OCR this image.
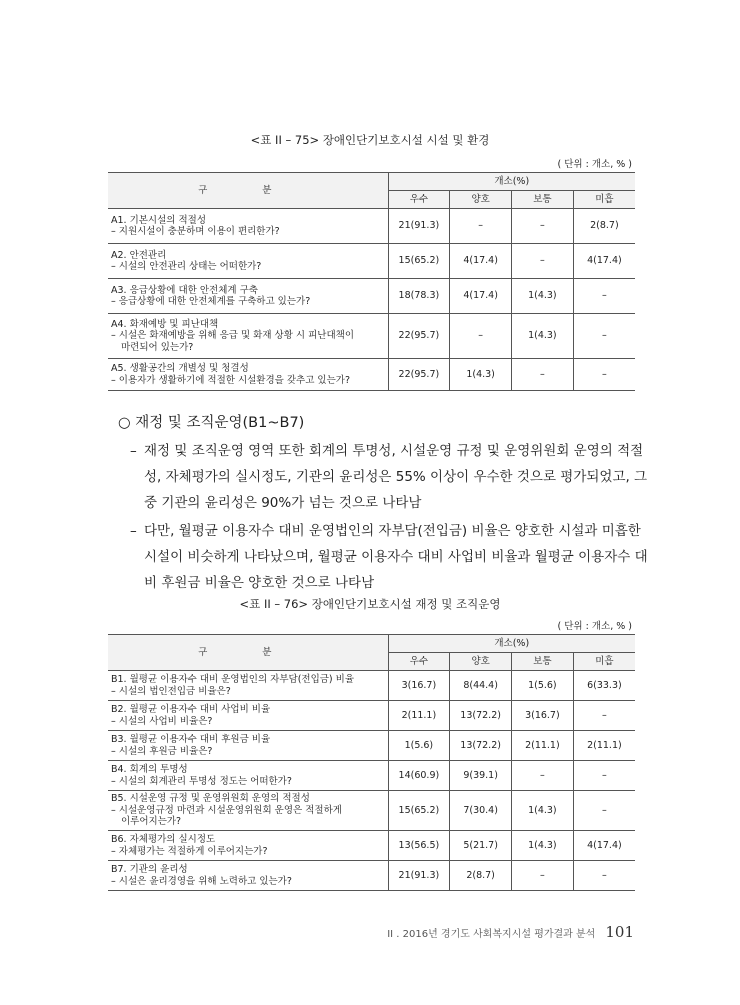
<표 II – 75> 장애인단기보호시설 시설 및 환경
( 단위 : 개소, % )
구 분	개소(%)			
	우수	양호	보통	미흡

A1. 기본시설의 적절성
– 지원시설이 충분하며 이용이 편리한가?	21(91.3)	–	–	2(8.7)

A2. 안전관리
– 시설의 안전관리 상태는 어떠한가?	15(65.2)	4(17.4)	–	4(17.4)

A3. 응급상황에 대한 안전체계 구축
– 응급상황에 대한 안전체계를 구축하고 있는가?	18(78.3)	4(17.4)	1(4.3)	–

A4. 화재예방 및 피난대책
– 시설은 화재예방을 위해 응급 및 화재 상황 시 피난대책이
마련되어 있는가?	22(95.7)	–	1(4.3)	–

A5. 생활공간의 개별성 및 청결성
– 이용자가 생활하기에 적절한 시설환경을 갖추고 있는가?	22(95.7)	1(4.3)	–	–
○ 재정 및 조직운영(B1~B7)
– 재정 및 조직운영 영역 또한 회계의 투명성, 시설운영 규정 및 운영위원회 운영의 적절성, 자체평가의 실시정도, 기관의 윤리성은 55% 이상이 우수한 것으로 평가되었고, 그중 기관의 윤리성은 90%가 넘는 것으로 나타남
– 다만, 월평균 이용자수 대비 운영법인의 자부담(전입금) 비율은 양호한 시설과 미흡한 시설이 비슷하게 나타났으며, 월평균 이용자수 대비 사업비 비율과 월평균 이용자수 대비 후원금 비율은 양호한 것으로 나타남
<표 II – 76> 장애인단기보호시설 재정 및 조직운영
( 단위 : 개소, % )
구 분	개소(%)			
	우수	양호	보통	미흡

B1. 월평균 이용자수 대비 운영법인의 자부담(전입금) 비율
– 시설의 법인전입금 비율은?	3(16.7)	8(44.4)	1(5.6)	6(33.3)

B2. 월평균 이용자수 대비 사업비 비율
– 시설의 사업비 비율은?	2(11.1)	13(72.2)	3(16.7)	–

B3. 월평균 이용자수 대비 후원금 비율
– 시설의 후원금 비율은?	1(5.6)	13(72.2)	2(11.1)	2(11.1)

B4. 회계의 투명성
– 시설의 회계관리 투명성 정도는 어떠한가?	14(60.9)	9(39.1)	–	–

B5. 시설운영 규정 및 운영위원회 운영의 적절성
– 시설운영규정 마련과 시설운영위원회 운영은 적절하게
이루어지는가?	15(65.2)	7(30.4)	1(4.3)	–

B6. 자체평가의 실시정도
– 자체평가는 적절하게 이루어지는가?	13(56.5)	5(21.7)	1(4.3)	4(17.4)

B7. 기관의 윤리성
– 시설은 윤리경영을 위해 노력하고 있는가?	21(91.3)	2(8.7)	–	–
II . 2016년 경기도 사회복지시설 평가결과 분석 101
